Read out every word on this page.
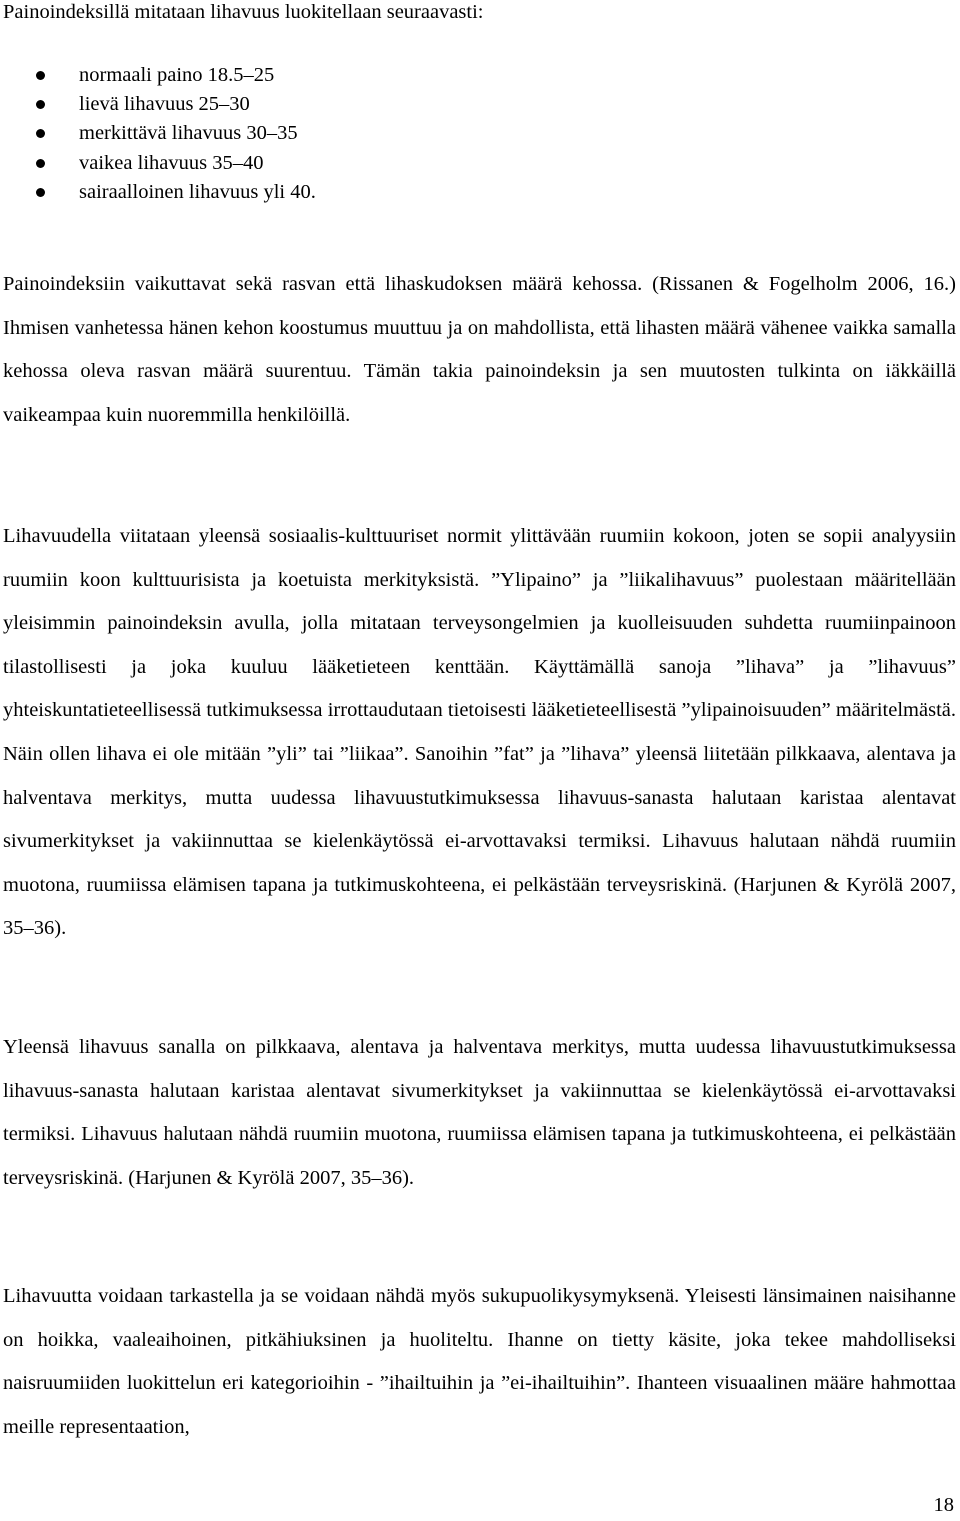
Painoindeksillä mitataan lihavuus luokitellaan seuraavasti:

normaali paino 18.5–25
lievä lihavuus 25–30
merkittävä lihavuus 30–35
vaikea lihavuus 35–40
sairaalloinen lihavuus yli 40.

Painoindeksiin vaikuttavat sekä rasvan että lihaskudoksen määrä kehossa. (Rissanen & Fogelholm 2006, 16.) Ihmisen vanhetessa hänen kehon koostumus muuttuu ja on mahdollista, että lihasten määrä vähenee vaikka samalla kehossa oleva rasvan määrä suurentuu. Tämän takia painoindeksin ja sen muutosten tulkinta on iäkkäillä vaikeampaa kuin nuoremmilla henkilöillä.

Lihavuudella viitataan yleensä sosiaalis-kulttuuriset normit ylittävään ruumiin kokoon, joten se sopii analyysiin ruumiin koon kulttuurisista ja koetuista merkityksistä. ”Ylipaino” ja ”liikalihavuus” puolestaan määritellään yleisimmin painoindeksin avulla, jolla mitataan terveysongelmien ja kuolleisuuden suhdetta ruumiinpainoon tilastollisesti ja joka kuuluu lääketieteen kenttään. Käyttämällä sanoja ”lihava” ja ”lihavuus” yhteiskuntatieteellisessä tutkimuksessa irrottaudutaan tietoisesti lääketieteellisestä ”ylipainoisuuden” määritelmästä. Näin ollen lihava ei ole mitään ”yli” tai ”liikaa”. Sanoihin ”fat” ja ”lihava” yleensä liitetään pilkkaava, alentava ja halventava merkitys, mutta uudessa lihavuustutkimuksessa lihavuus-sanasta halutaan karistaa alentavat sivumerkitykset ja vakiinnuttaa se kielenkäytössä ei-arvottavaksi termiksi. Lihavuus halutaan nähdä ruumiin muotona, ruumiissa elämisen tapana ja tutkimuskohteena, ei pelkästään terveysriskinä. (Harjunen & Kyrölä 2007, 35–36).

Yleensä lihavuus sanalla on pilkkaava, alentava ja halventava merkitys, mutta uudessa lihavuustutkimuksessa lihavuus-sanasta halutaan karistaa alentavat sivumerkitykset ja vakiinnuttaa se kielenkäytössä ei-arvottavaksi termiksi. Lihavuus halutaan nähdä ruumiin muotona, ruumiissa elämisen tapana ja tutkimuskohteena, ei pelkästään terveysriskinä. (Harjunen & Kyrölä 2007, 35–36).

Lihavuutta voidaan tarkastella ja se voidaan nähdä myös sukupuolikysymyksenä. Yleisesti länsimainen naisihanne on hoikka, vaaleaihoinen, pitkähiuksinen ja huoliteltu. Ihanne on tietty käsite, joka tekee mahdolliseksi naisruumiiden luokittelun eri kategorioihin - ”ihailtuihin ja ”ei-ihailtuihin”. Ihanteen visuaalinen määre hahmottaa meille representaation,

18
